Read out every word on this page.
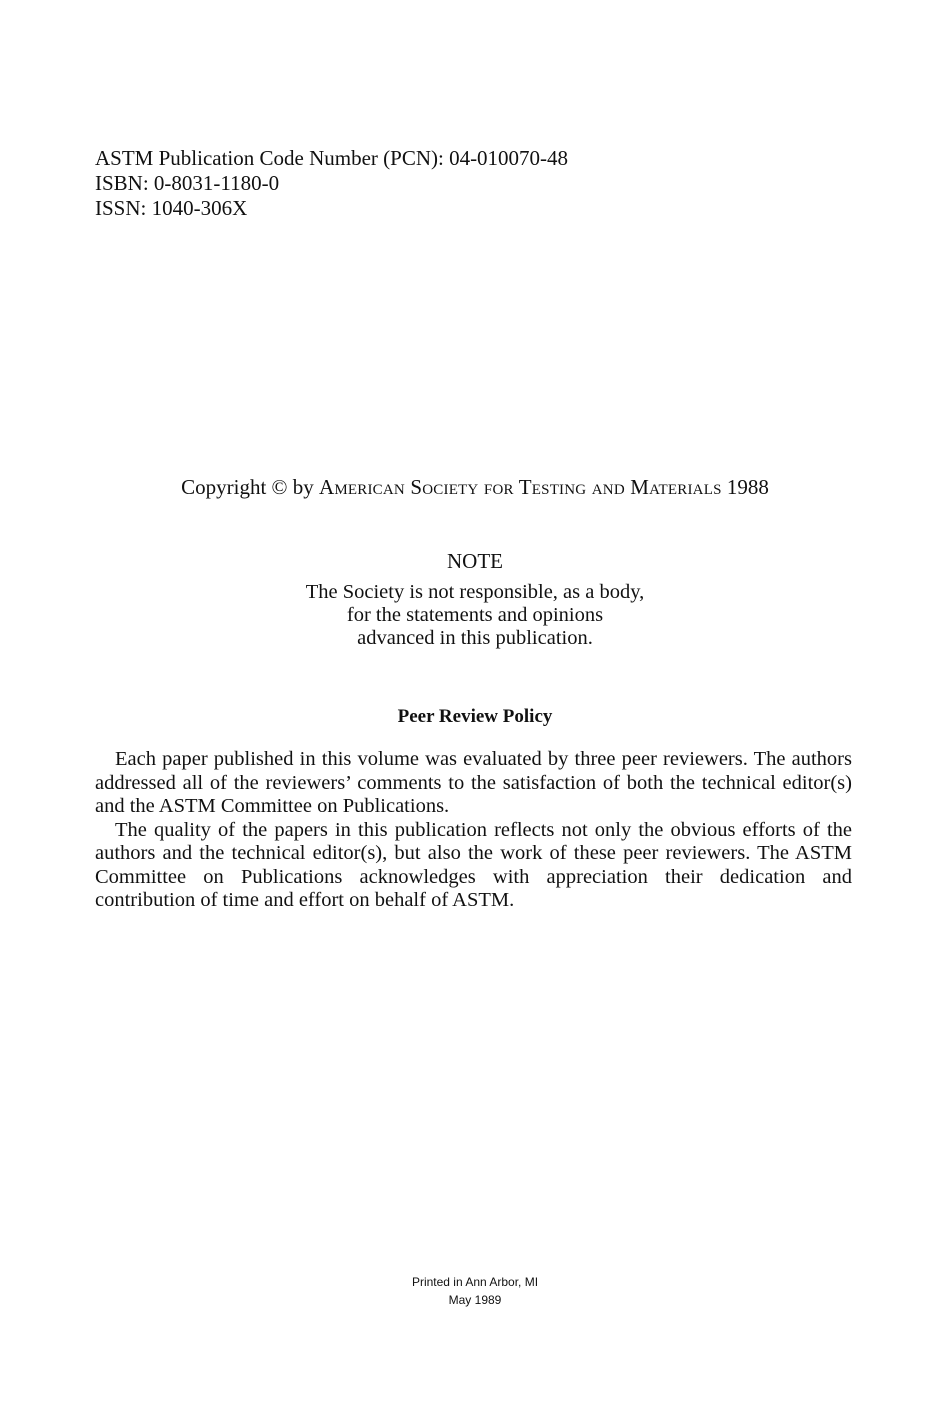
ASTM Publication Code Number (PCN): 04-010070-48
ISBN: 0-8031-1180-0
ISSN: 1040-306X
Copyright © by American Society for Testing and Materials 1988
NOTE
The Society is not responsible, as a body,
for the statements and opinions
advanced in this publication.
Peer Review Policy

Each paper published in this volume was evaluated by three peer reviewers. The authors addressed all of the reviewers’ comments to the satisfaction of both the technical editor(s) and the ASTM Committee on Publications.

The quality of the papers in this publication reflects not only the obvious efforts of the authors and the technical editor(s), but also the work of these peer reviewers. The ASTM Committee on Publications acknowledges with appreciation their dedication and contribution of time and effort on behalf of ASTM.

Printed in Ann Arbor, MI
May 1989
